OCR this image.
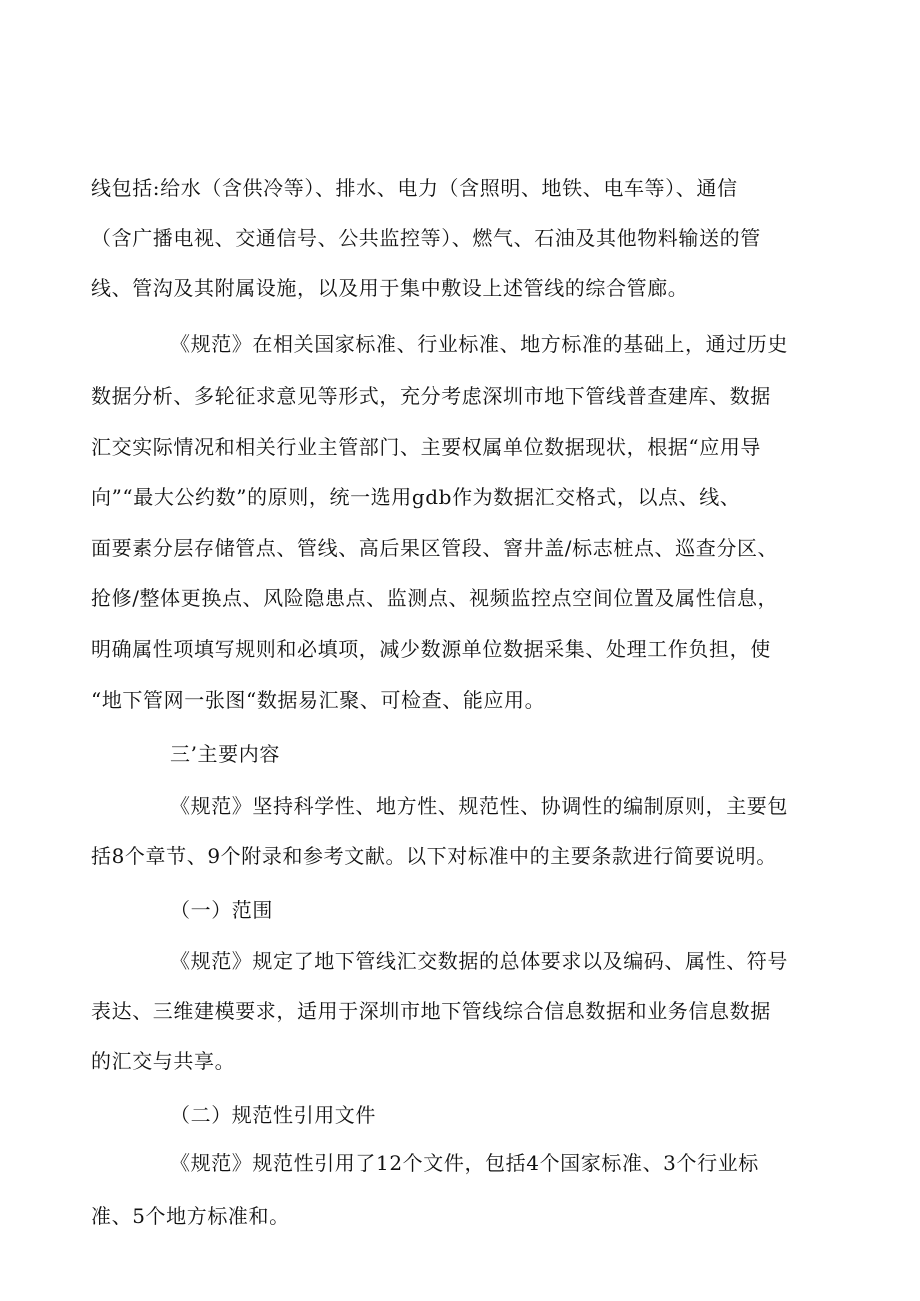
线包括:给水（含供冷等）、排水、电力（含照明、地铁、电车等）、通信
（含广播电视、交通信号、公共监控等）、燃气、石油及其他物料输送的管
线、管沟及其附属设施，以及用于集中敷设上述管线的综合管廊。
《规范》在相关国家标准、行业标准、地方标准的基础上，通过历史
数据分析、多轮征求意见等形式，充分考虑深圳市地下管线普查建库、数据
汇交实际情况和相关行业主管部门、主要权属单位数据现状，根据“应用导
向”“最大公约数”的原则，统一选用gdb作为数据汇交格式，以点、线、
面要素分层存储管点、管线、高后果区管段、窨井盖/标志桩点、巡查分区、
抢修/整体更换点、风险隐患点、监测点、视频监控点空间位置及属性信息，
明确属性项填写规则和必填项，减少数源单位数据采集、处理工作负担，使
“地下管网一张图“数据易汇聚、可检查、能应用。
三’主要内容
《规范》坚持科学性、地方性、规范性、协调性的编制原则，主要包
括8个章节、9个附录和参考文献。以下对标准中的主要条款进行简要说明。
（一）范围
《规范》规定了地下管线汇交数据的总体要求以及编码、属性、符号
表达、三维建模要求，适用于深圳市地下管线综合信息数据和业务信息数据
的汇交与共享。
（二）规范性引用文件
《规范》规范性引用了12个文件，包括4个国家标准、3个行业标
准、5个地方标准和。
